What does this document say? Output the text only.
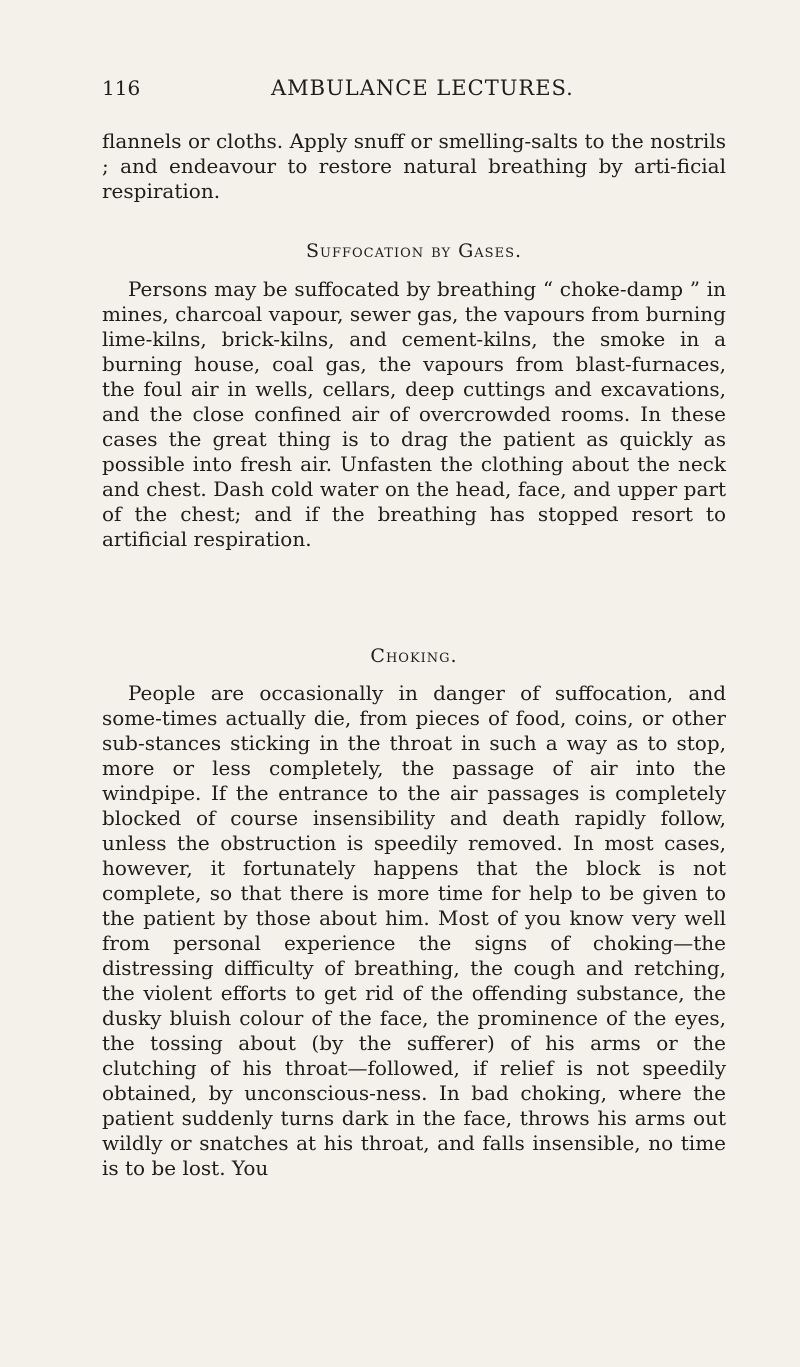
116	AMBULANCE LECTURES.

flannels or cloths. Apply snuff or smelling-salts to the nostrils ; and endeavour to restore natural breathing by arti-ficial respiration.

Suffocation by Gases.

Persons may be suffocated by breathing “ choke-damp ” in mines, charcoal vapour, sewer gas, the vapours from burning lime-kilns, brick-kilns, and cement-kilns, the smoke in a burning house, coal gas, the vapours from blast-furnaces, the foul air in wells, cellars, deep cuttings and excavations, and the close confined air of overcrowded rooms. In these cases the great thing is to drag the patient as quickly as possible into fresh air. Unfasten the clothing about the neck and chest. Dash cold water on the head, face, and upper part of the chest; and if the breathing has stopped resort to artificial respiration.

Choking.

People are occasionally in danger of suffocation, and some-times actually die, from pieces of food, coins, or other sub-stances sticking in the throat in such a way as to stop, more or less completely, the passage of air into the windpipe. If the entrance to the air passages is completely blocked of course insensibility and death rapidly follow, unless the obstruction is speedily removed. In most cases, however, it fortunately happens that the block is not complete, so that there is more time for help to be given to the patient by those about him. Most of you know very well from personal experience the signs of choking—the distressing difficulty of breathing, the cough and retching, the violent efforts to get rid of the offending substance, the dusky bluish colour of the face, the prominence of the eyes, the tossing about (by the sufferer) of his arms or the clutching of his throat—followed, if relief is not speedily obtained, by unconscious-ness. In bad choking, where the patient suddenly turns dark in the face, throws his arms out wildly or snatches at his throat, and falls insensible, no time is to be lost. You
